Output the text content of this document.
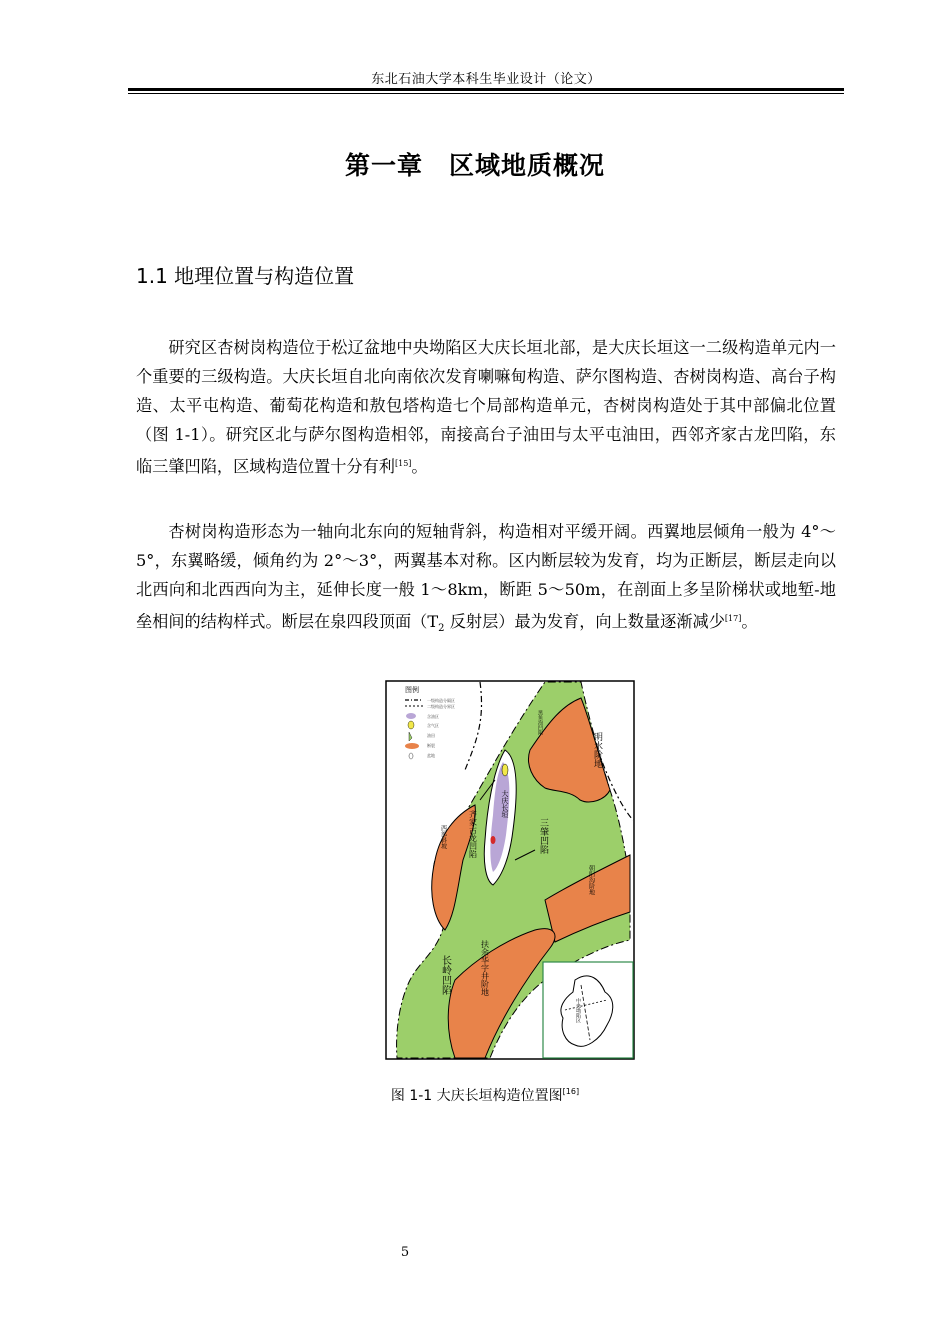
东北石油大学本科生毕业设计（论文）
第一章　区域地质概况
1.1 地理位置与构造位置

研究区杏树岗构造位于松辽盆地中央坳陷区大庆长垣北部，是大庆长垣这一二级构造单元内一个重要的三级构造。大庆长垣自北向南依次发育喇嘛甸构造、萨尔图构造、杏树岗构造、高台子构造、太平屯构造、葡萄花构造和敖包塔构造七个局部构造单元，杏树岗构造处于其中部偏北位置（图 1-1）。研究区北与萨尔图构造相邻，南接高台子油田与太平屯油田，西邻齐家古龙凹陷，东临三肇凹陷，区域构造位置十分有利[15]。

杏树岗构造形态为一轴向北东向的短轴背斜，构造相对平缓开阔。西翼地层倾角一般为 4°～5°，东翼略缓，倾角约为 2°～3°，两翼基本对称。区内断层较为发育，均为正断层，断层走向以北西向和北西西向为主，延伸长度一般 1～8km，断距 5～50m，在剖面上多呈阶梯状或地堑-地垒相间的结构样式。断层在泉四段顶面（$T_2$ 反射层）最为发育，向上数量逐渐减少[17]。

图例
一级构造分隔区
二级构造分界区
含油区
含气区
油田
断裂
盆地	明水阶地
三肇凹陷
齐家古龙凹陷
大庆长垣
长岭凹陷	扶余华字井阶地
西部斜坡
朝阳沟阶地
黑鱼泡凹陷
中央坳陷区
图 1-1 大庆长垣构造位置图[16]
5
